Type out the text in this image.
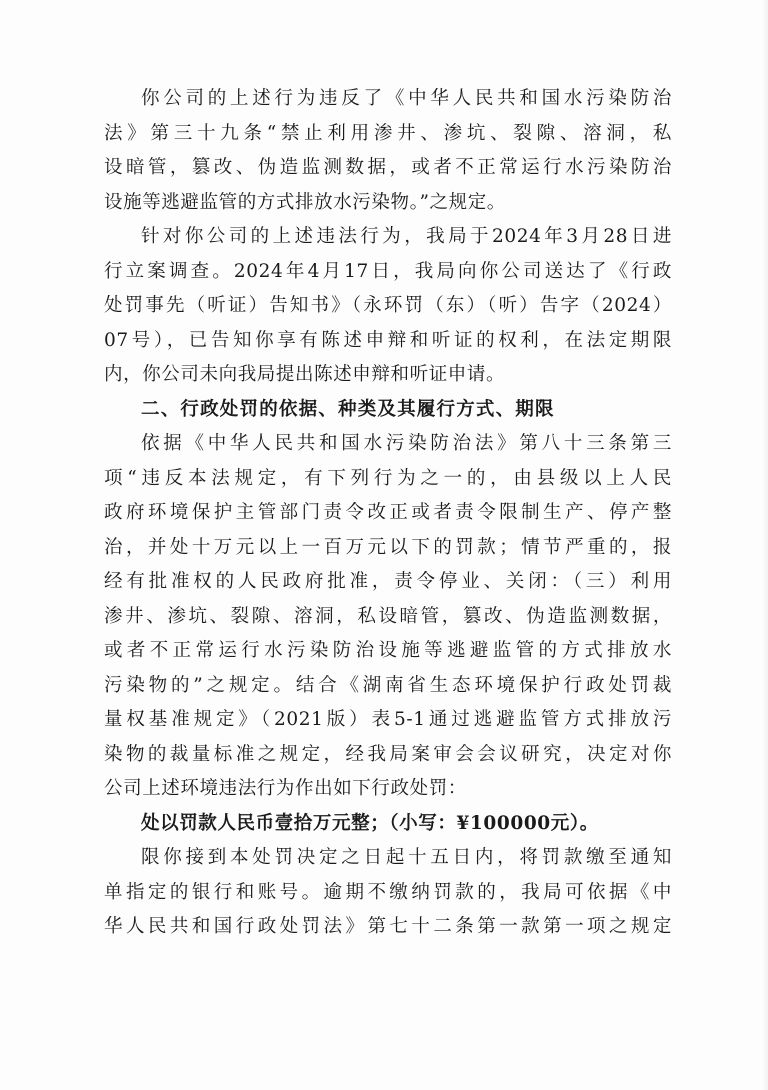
你公司的上述行为违反了《中华人民共和国水污染防治
法》第三十九条“禁止利用渗井、渗坑、裂隙、溶洞，私
设暗管，篡改、伪造监测数据，或者不正常运行水污染防治
设施等逃避监管的方式排放水污染物。”之规定。
针对你公司的上述违法行为，我局于2024年3月28日进
行立案调查。2024年4月17日，我局向你公司送达了《行政
处罚事先（听证）告知书》（永环罚（东）（听）告字（2024）
07号），已告知你享有陈述申辩和听证的权利，在法定期限
内，你公司未向我局提出陈述申辩和听证申请。
二、行政处罚的依据、种类及其履行方式、期限
依据《中华人民共和国水污染防治法》第八十三条第三
项“违反本法规定，有下列行为之一的，由县级以上人民
政府环境保护主管部门责令改正或者责令限制生产、停产整
治，并处十万元以上一百万元以下的罚款；情节严重的，报
经有批准权的人民政府批准，责令停业、关闭：（三）利用
渗井、渗坑、裂隙、溶洞，私设暗管，篡改、伪造监测数据，
或者不正常运行水污染防治设施等逃避监管的方式排放水
污染物的”之规定。结合《湖南省生态环境保护行政处罚裁
量权基准规定》（2021版）表5-1通过逃避监管方式排放污
染物的裁量标准之规定，经我局案审会会议研究，决定对你
公司上述环境违法行为作出如下行政处罚：
处以罚款人民币壹拾万元整；（小写：¥100000元）。
限你接到本处罚决定之日起十五日内，将罚款缴至通知
单指定的银行和账号。逾期不缴纳罚款的，我局可依据《中
华人民共和国行政处罚法》第七十二条第一款第一项之规定
